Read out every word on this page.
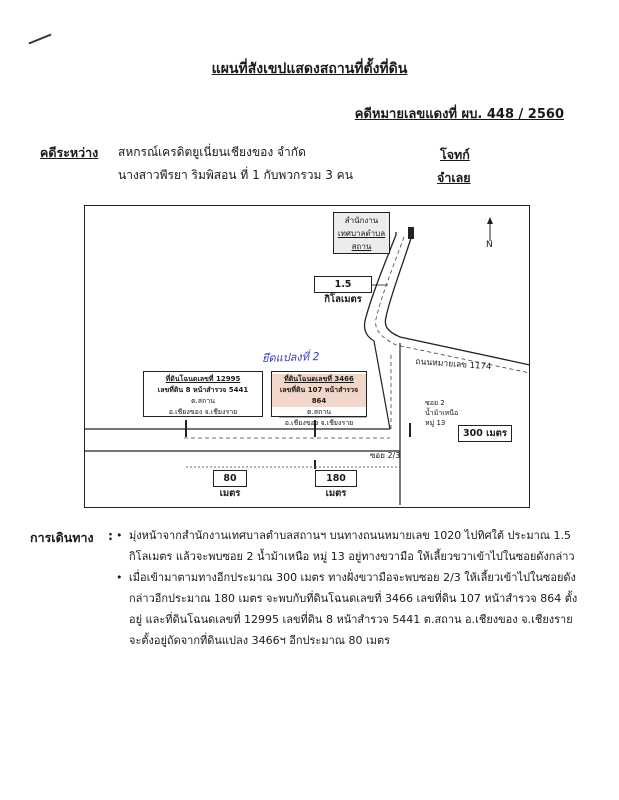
แผนที่สังเขปแสดงสถานที่ตั้งที่ดิน
คดีหมายเลขแดงที่ ผบ. 448 / 2560
คดีระหว่าง สหกรณ์เครดิตยูเนี่ยนเชียงของ จำกัด
นางสาวพีรยา ริมพิสอน ที่ 1 กับพวกรวม 3 คน
โจทก์
จำเลย
สำนักงาน
เทศบาลตำบล
สถาน	N
1.5 กิโลเมตร
ถนนหมายเลข 1174
ซอย 2
น้ำม้าเหนือ
หมู่ 13
ยึดแปลงที่ 2
ที่ดินโฉนดเลขที่ 12995
เลขที่ดิน 8 หน้าสำรวจ 5441
ต.สถาน
อ.เชียงของ จ.เชียงราย
ที่ดินโฉนดเลขที่ 3466
เลขที่ดิน 107 หน้าสำรวจ 864
ต.สถาน
อ.เชียงของ จ.เชียงราย
300 เมตร
ซอย 2/3
80 เมตร
180 เมตร
การเดินทาง :
•	มุ่งหน้าจากสำนักงานเทศบาลตำบลสถานฯ บนทางถนนหมายเลข 1020 ไปทิศใต้ ประมาณ 1.5 กิโลเมตร แล้วจะพบซอย 2 น้ำม้าเหนือ หมู่ 13 อยู่ทางขวามือ ให้เลี้ยวขวาเข้าไปในซอยดังกล่าว
• เมื่อเข้ามาตามทางอีกประมาณ 300 เมตร ทางฝั่งขวามือจะพบซอย 2/3 ให้เลี้ยวเข้าไปในซอยดังกล่าวอีกประมาณ 180 เมตร จะพบกับที่ดินโฉนดเลขที่ 3466 เลขที่ดิน 107 หน้าสำรวจ 864 ตั้งอยู่ และที่ดินโฉนดเลขที่ 12995 เลขที่ดิน 8 หน้าสำรวจ 5441 ต.สถาน อ.เชียงของ จ.เชียงราย จะตั้งอยู่ถัดจากที่ดินแปลง 3466ฯ อีกประมาณ 80 เมตร
